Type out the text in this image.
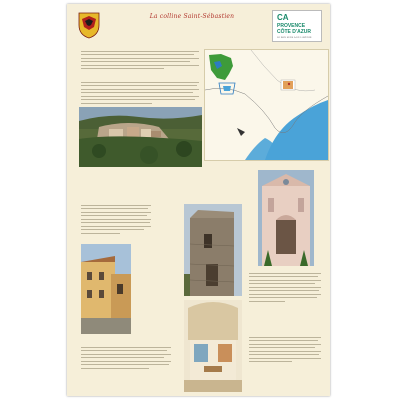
La colline Saint-Sébastien	CA
PROVENCE
CÔTE D'AZUR
LE BON SENS A DE L'AVENIR
